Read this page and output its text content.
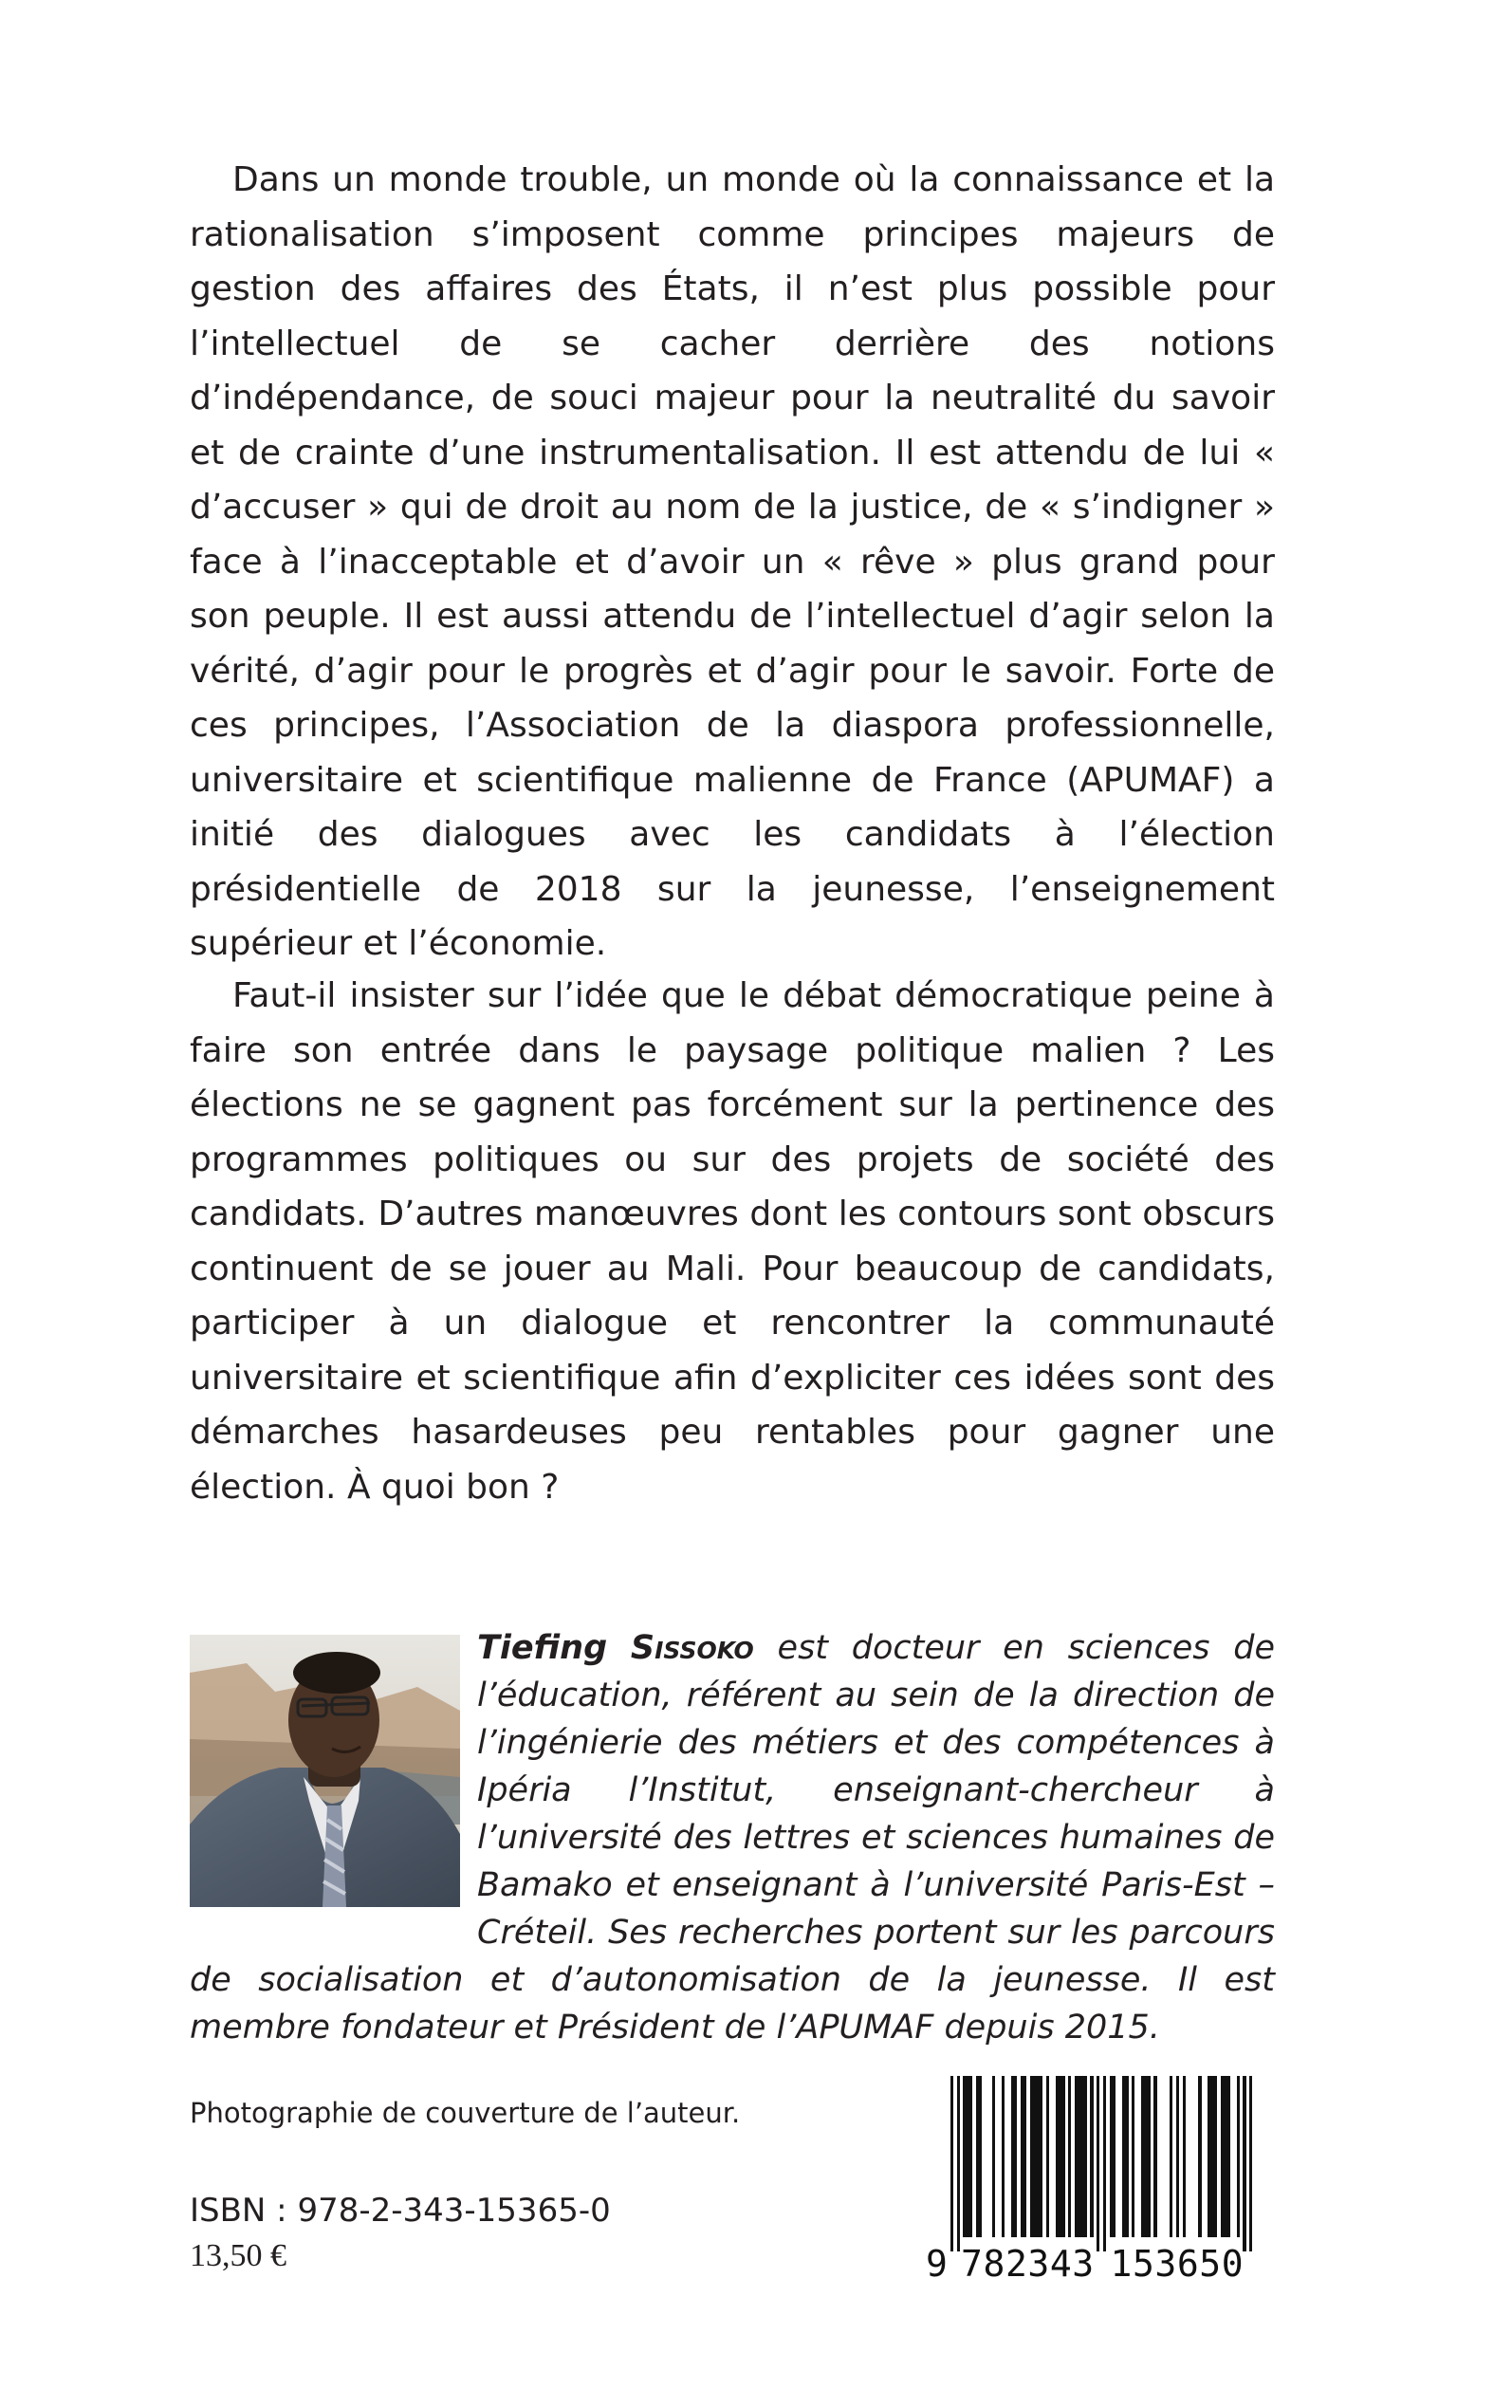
Dans un monde trouble, un monde où la connaissance et la rationalisation s’imposent comme principes majeurs de gestion des affaires des États, il n’est plus possible pour l’intellectuel de se cacher derrière des notions d’indépendance, de souci majeur pour la neutralité du savoir et de crainte d’une instrumentalisation. Il est attendu de lui « d’accuser » qui de droit au nom de la justice, de « s’indigner » face à l’inacceptable et d’avoir un « rêve » plus grand pour son peuple. Il est aussi attendu de l’intellectuel d’agir selon la vérité, d’agir pour le progrès et d’agir pour le savoir. Forte de ces principes, l’Association de la diaspora professionnelle, universitaire et scientifique malienne de France (APUMAF) a initié des dialogues avec les candidats à l’élection présidentielle de 2018 sur la jeunesse, l’enseignement supérieur et l’économie.

Faut-il insister sur l’idée que le débat démocratique peine à faire son entrée dans le paysage politique malien ? Les élections ne se gagnent pas forcément sur la pertinence des programmes politiques ou sur des projets de société des candidats. D’autres manœuvres dont les contours sont obscurs continuent de se jouer au Mali. Pour beaucoup de candidats, participer à un dialogue et rencontrer la communauté universitaire et scientifique afin d’expliciter ces idées sont des démarches hasardeuses peu rentables pour gagner une élection. À quoi bon ?

Tiefing Sissoko est docteur en sciences de l’éducation, référent au sein de la direction de l’ingénierie des métiers et des compétences à Ipéria l’Institut, enseignant-chercheur à l’université des lettres et sciences humaines de Bamako et enseignant à l’université Paris-Est – Créteil. Ses recherches portent sur les parcours de socialisation et d’autonomisation de la jeunesse. Il est membre fondateur et Président de l’APUMAF depuis 2015.

Photographie de couverture de l’auteur.

ISBN : 978-2-343-15365-0

13,50 €	9 7 8 2 3 4 3 1 5 3 6 5 0
